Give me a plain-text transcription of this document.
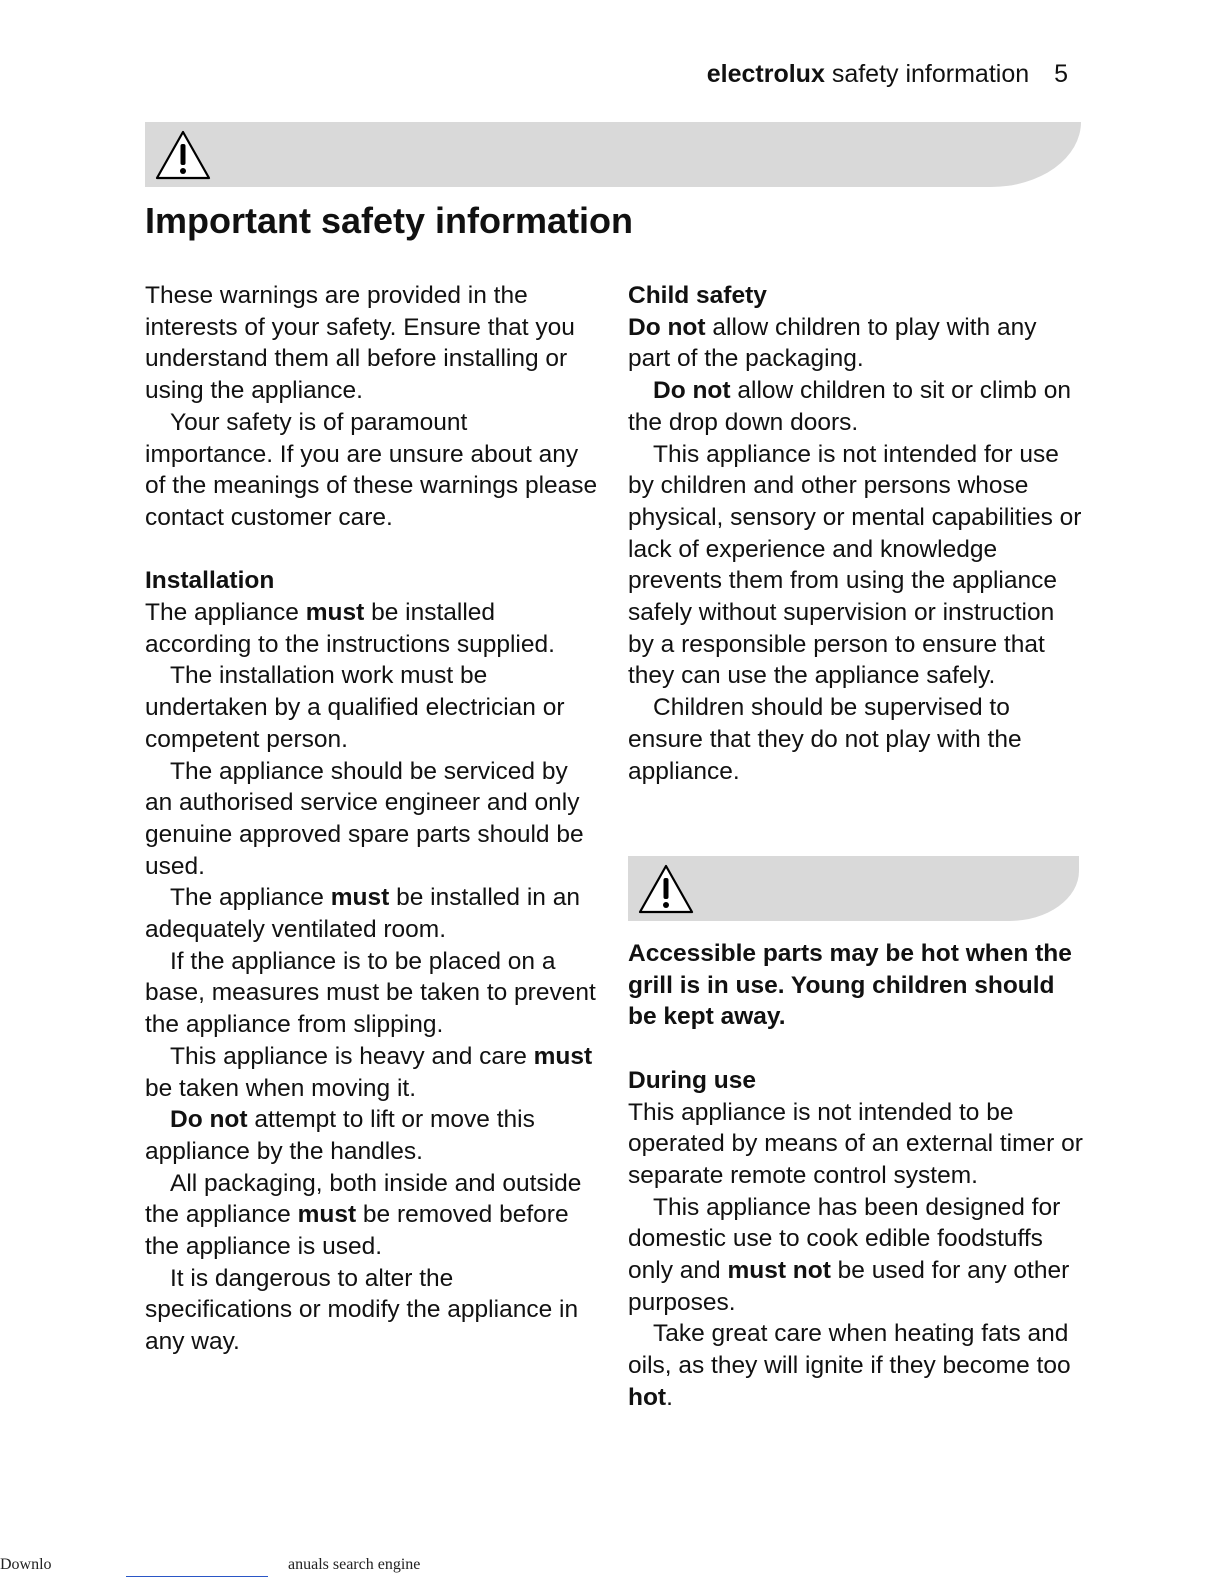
electrolux safety information 5
Important safety information

These warnings are provided in the interests of your safety. Ensure that you understand them all before installing or using the appliance.

Your safety is of paramount importance. If you are unsure about any of the meanings of these warnings please contact customer care.

Installation

The appliance must be installed according to the instructions supplied.

The installation work must be undertaken by a qualified electrician or competent person.

The appliance should be serviced by an authorised service engineer and only genuine approved spare parts should be used.

The appliance must be installed in an adequately ventilated room.

If the appliance is to be placed on a base, measures must be taken to prevent the appliance from slipping.

This appliance is heavy and care must be taken when moving it.

Do not attempt to lift or move this appliance by the handles.

All packaging, both inside and outside the appliance must be removed before the appliance is used.

It is dangerous to alter the specifications or modify the appliance in any way.

Child safety

Do not allow children to play with any part of the packaging.

Do not allow children to sit or climb on the drop down doors.

This appliance is not intended for use by children and other persons whose physical, sensory or mental capabilities or lack of experience and knowledge prevents them from using the appliance safely without supervision or instruction by a responsible person to ensure that they can use the appliance safely.

Children should be supervised to ensure that they do not play with the appliance.

Accessible parts may be hot when the grill is in use. Young children should be kept away.

During use

This appliance is not intended to be operated by means of an external timer or separate remote control system.

This appliance has been designed for domestic use to cook edible foodstuffs only and must not be used for any other purposes.

Take great care when heating fats and oils, as they will ignite if they become too hot.

Downlo	anuals search engine
